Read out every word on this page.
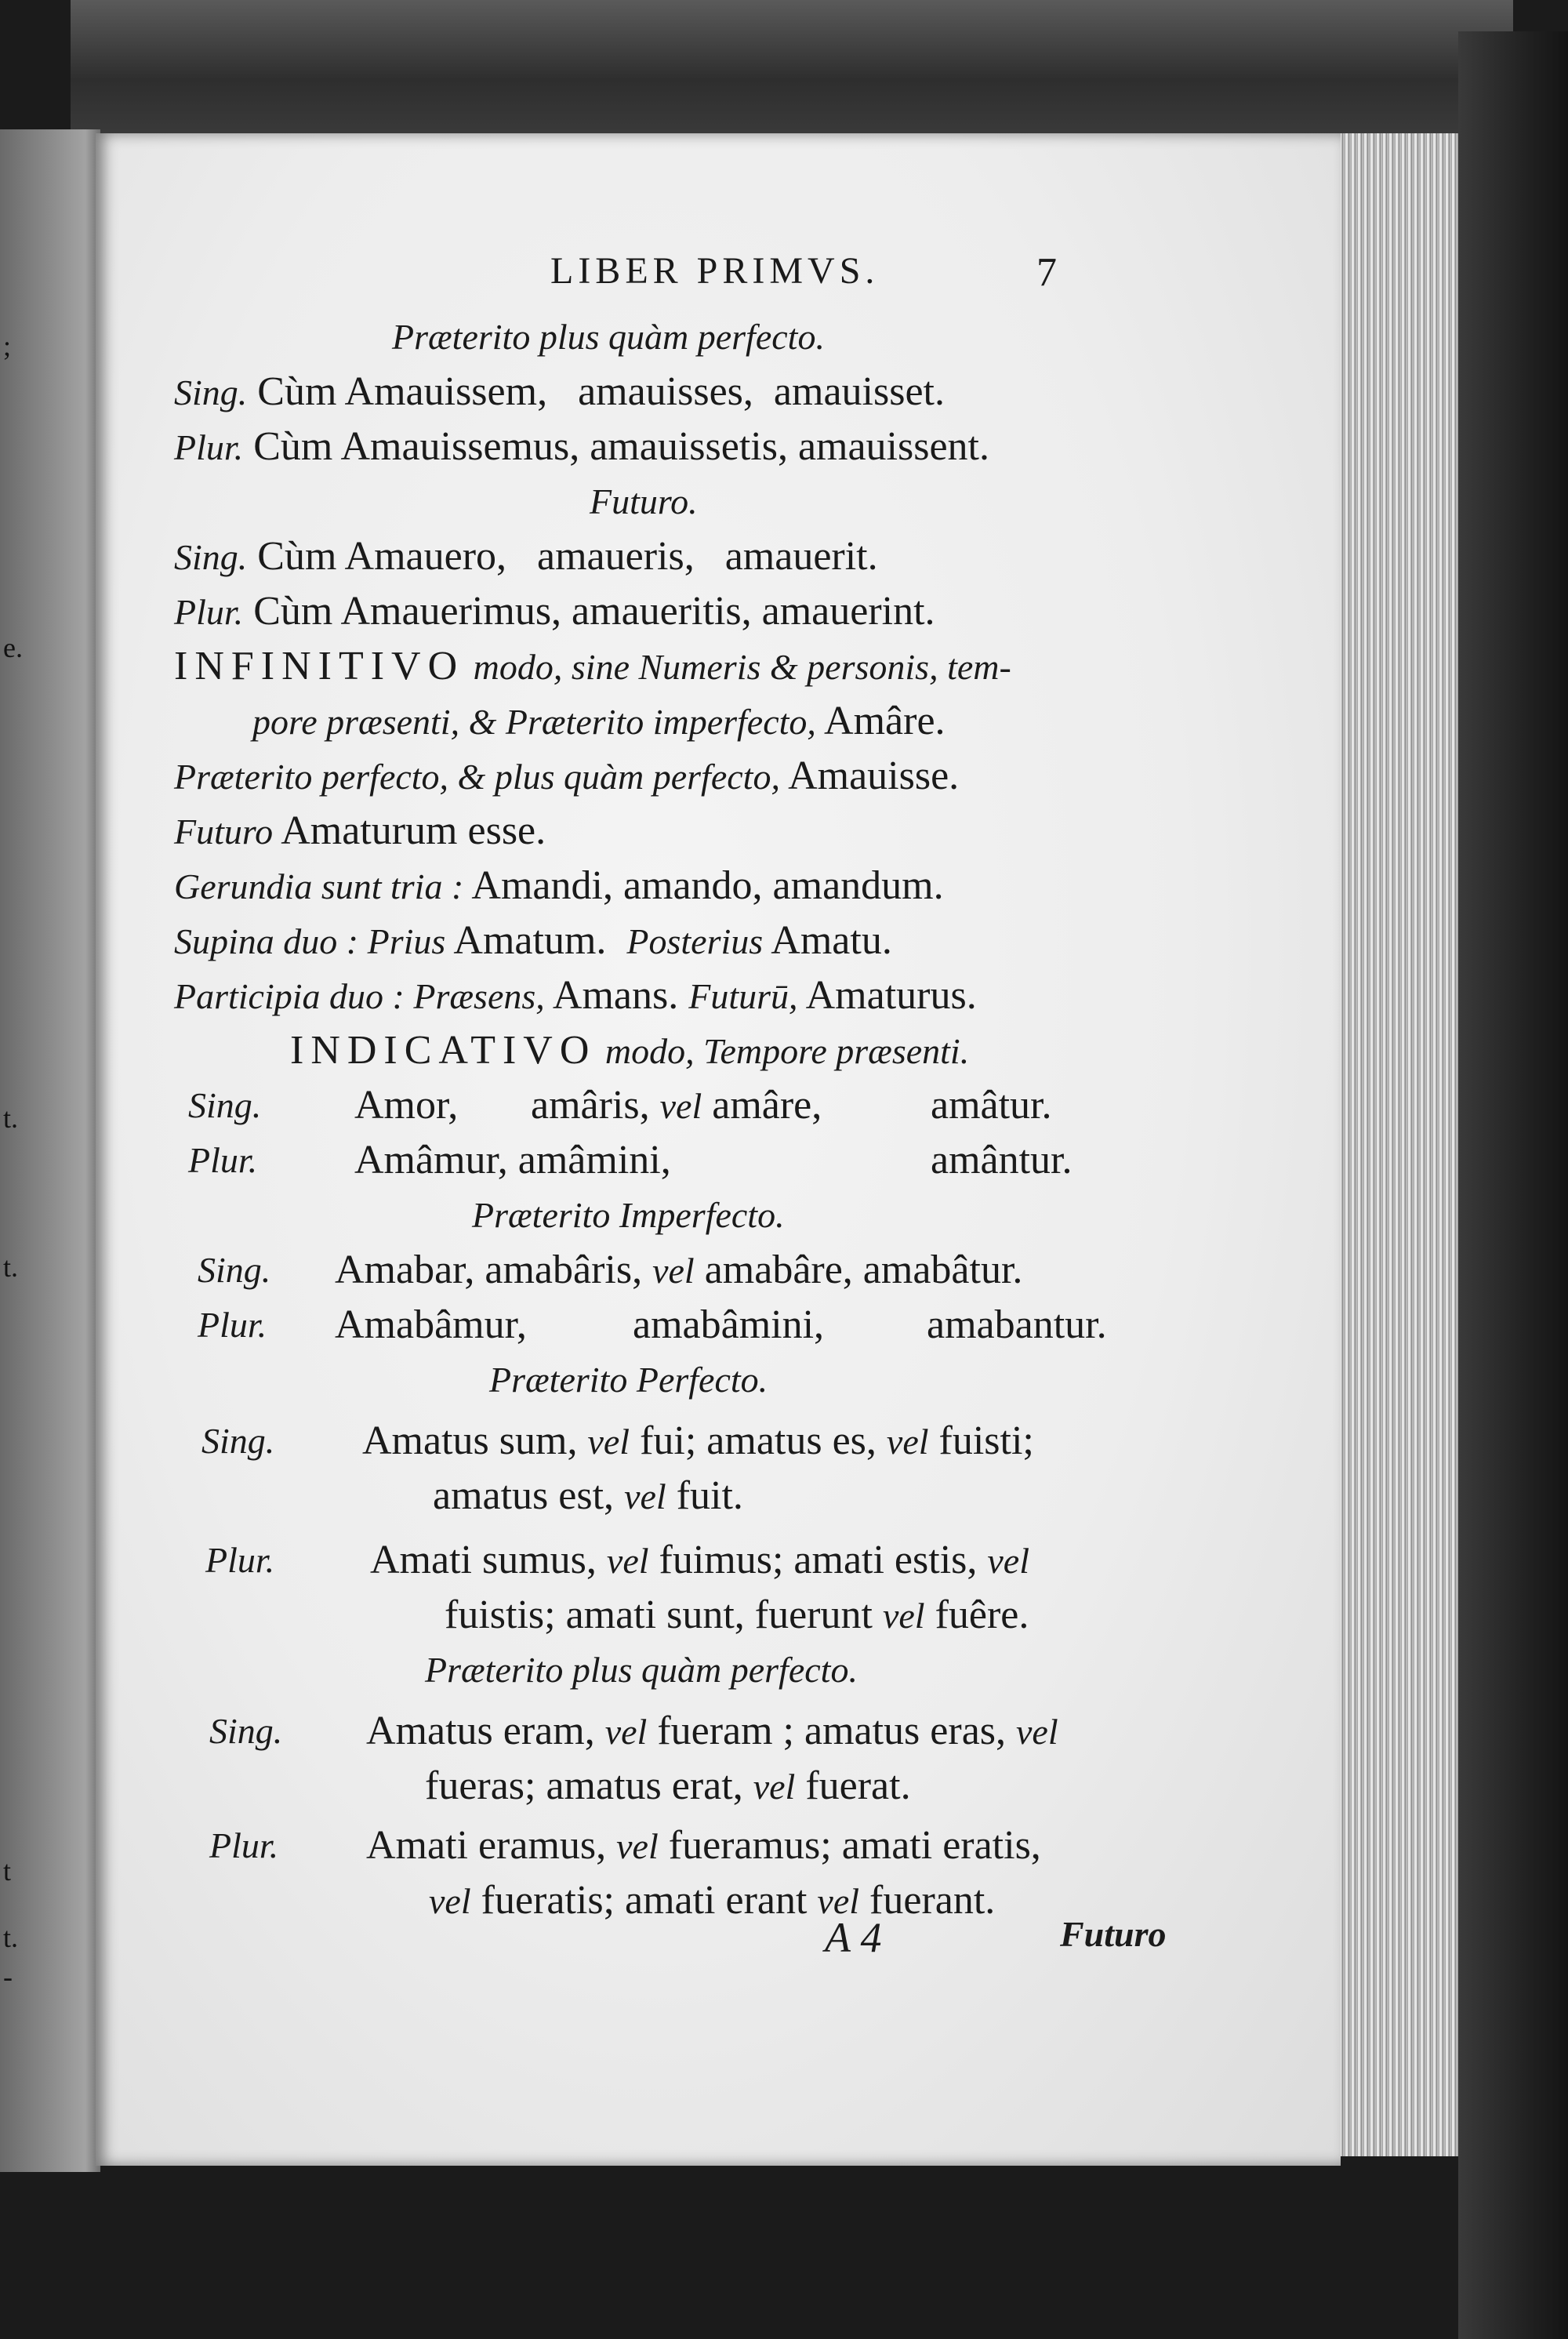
;
e.
t.
t.
t
t.
-
LIBER PRIMVS.	7
Præterito plus quàm perfecto.
Sing. Cùm Amauissem,   amauisses,  amauisset.
Plur. Cùm Amauissemus, amauissetis, amauissent.
Futuro.
Sing. Cùm Amauero,   amaueris,   amauerit.
Plur. Cùm Amauerimus, amaueritis, amauerint.
INFINITIVO modo, sine Numeris & personis, tem-
pore præsenti, & Præterito imperfecto, Amâre.
Præterito perfecto, & plus quàm perfecto, Amauisse.
Futuro Amaturum esse.
Gerundia sunt tria : Amandi, amando, amandum.
Supina duo : Prius Amatum.  Posterius Amatu.
Participia duo : Præsens, Amans. Futurū, Amaturus.
INDICATIVO modo, Tempore præsenti.
Sing. Amor, amâris, vel amâre,	amâtur.
Plur. Amâmur, amâmini,	amântur.
Præterito Imperfecto.
Sing. Amabar, amabâris, vel amabâre, amabâtur.
Plur. Amabâmur,	amabâmini,	amabantur.
Præterito Perfecto.
Sing. Amatus sum, vel fui; amatus es, vel fuisti;
amatus est, vel fuit.
Plur. Amati sumus, vel fuimus; amati estis, vel
fuistis; amati sunt, fuerunt vel fuêre.
Præterito plus quàm perfecto.
Sing. Amatus eram, vel fueram ; amatus eras, vel
fueras; amatus erat, vel fuerat.
Plur. Amati eramus, vel fueramus; amati eratis,
vel fueratis; amati erant vel fuerant.
A 4	Futuro
